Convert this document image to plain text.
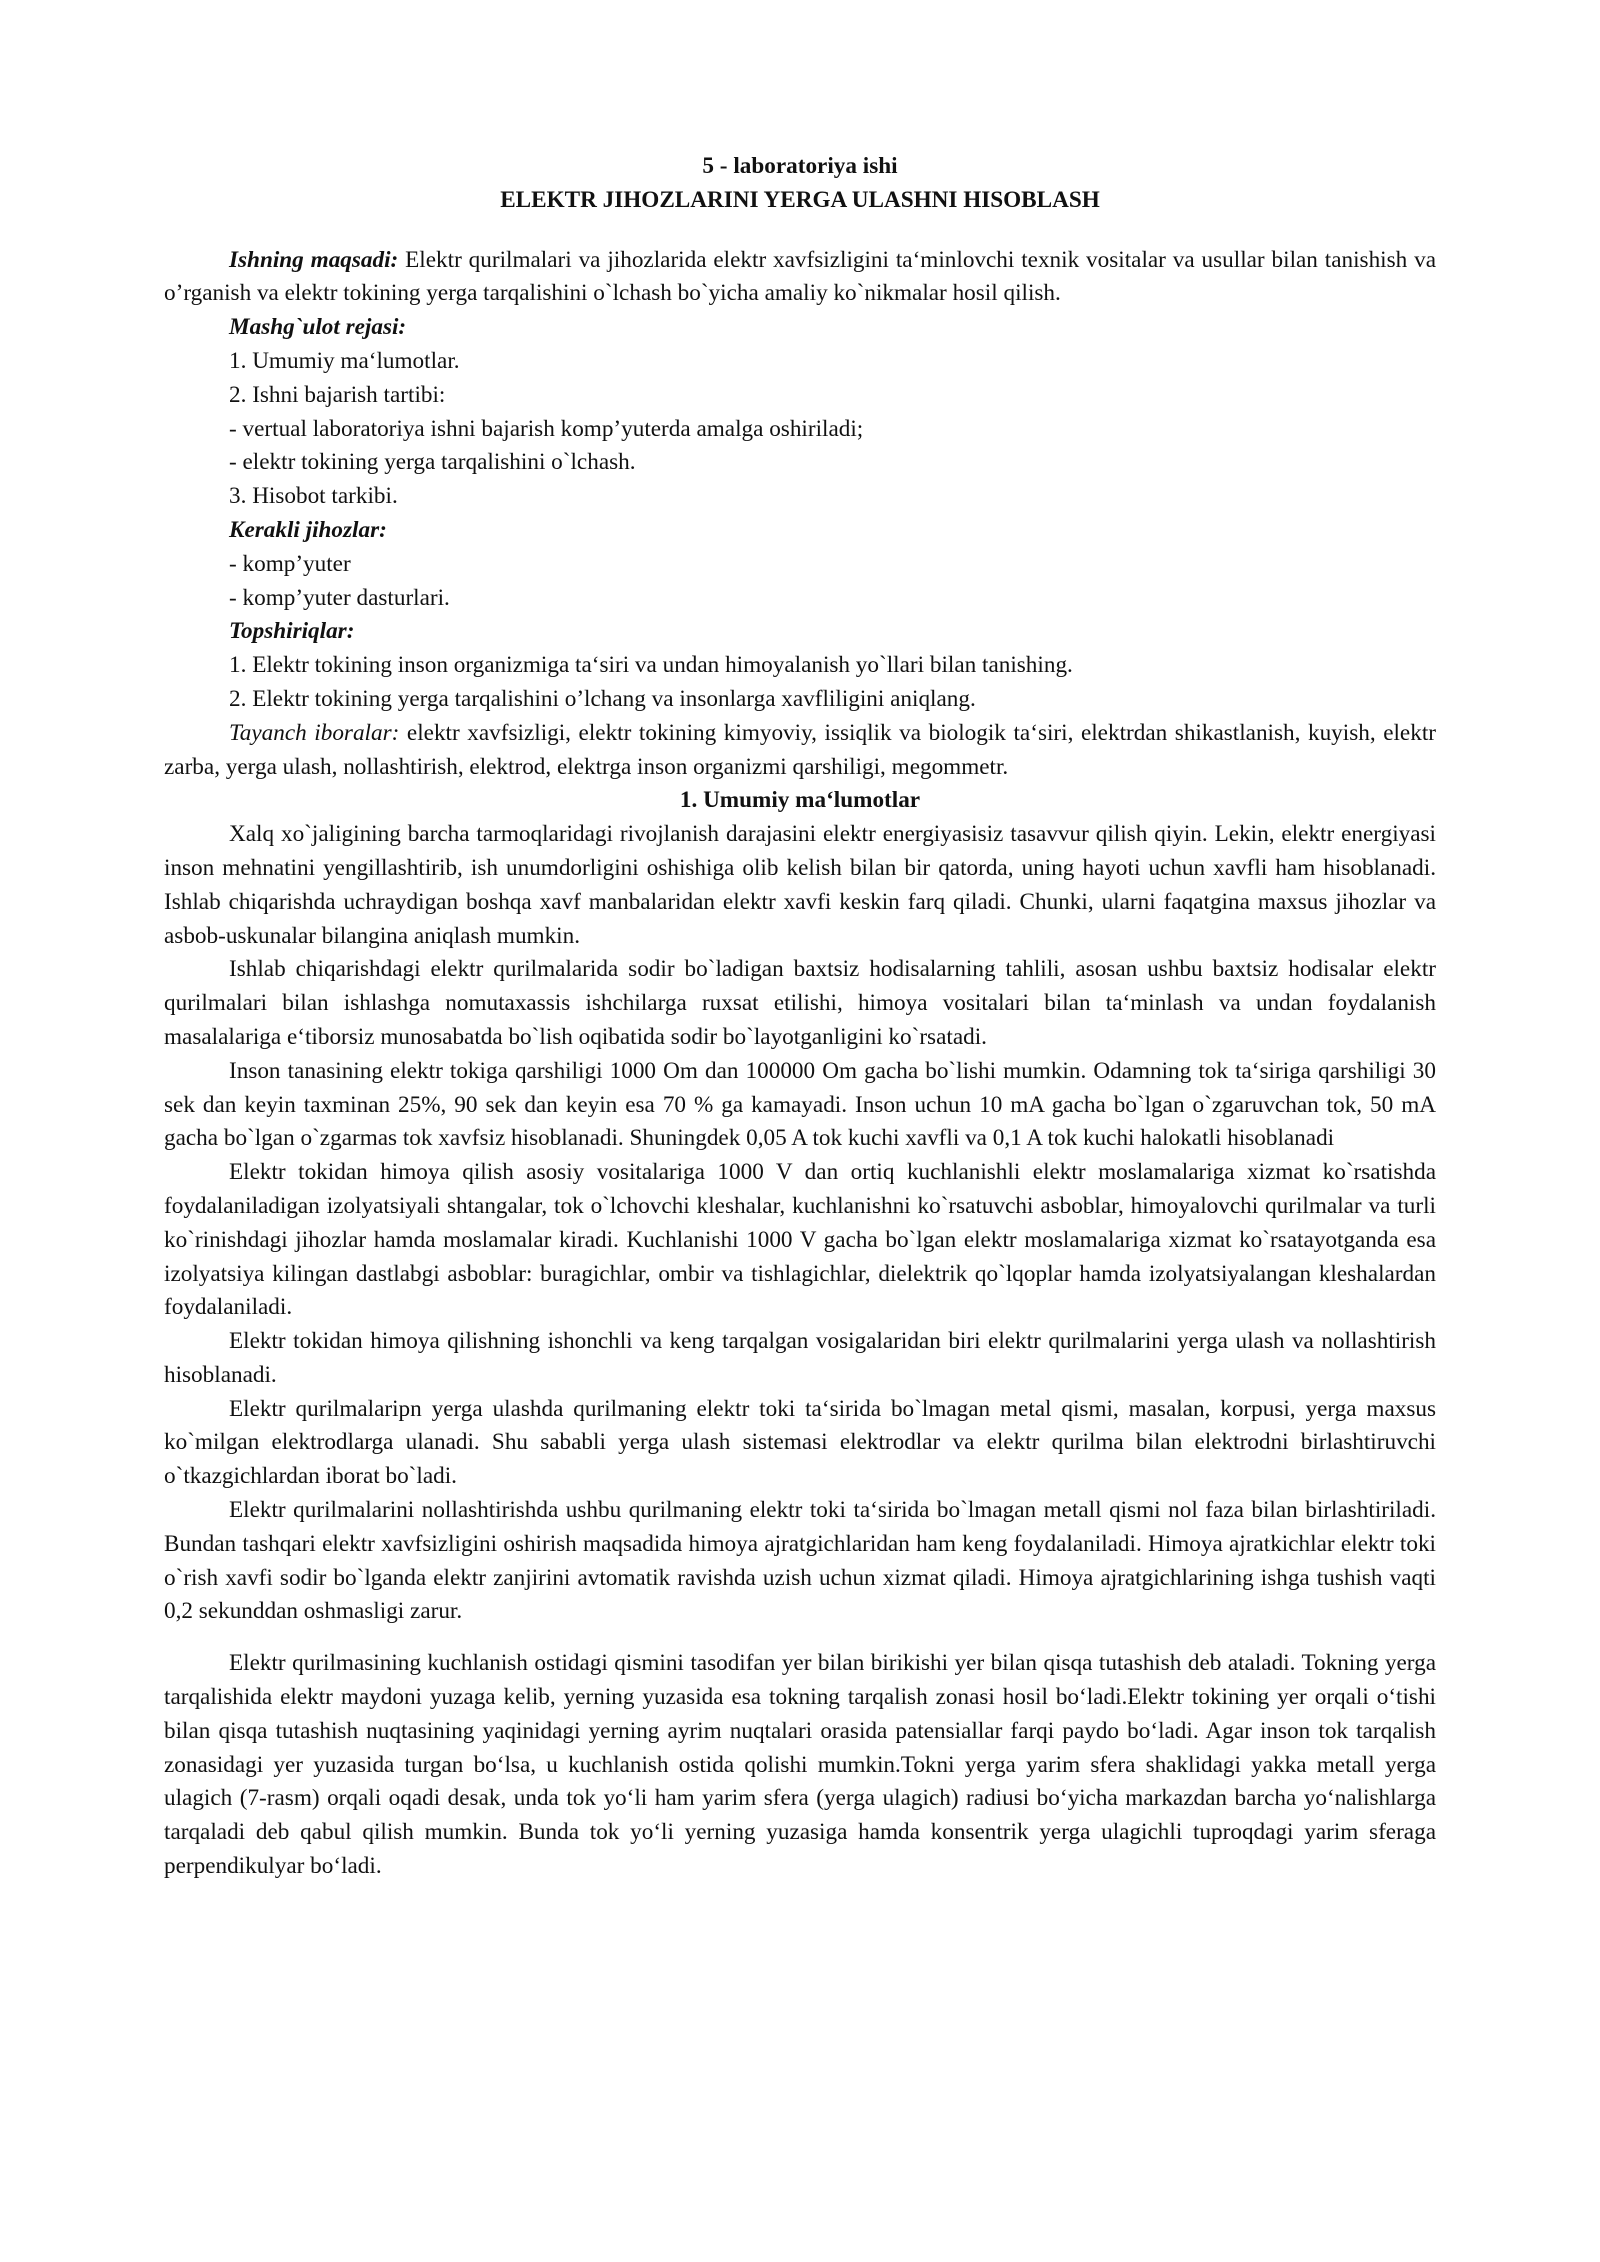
5 - laboratoriya ishi
ELEKTR JIHOZLARINI YERGA ULASHNI HISOBLASH

Ishning maqsadi: Elektr qurilmalari va jihozlarida elektr xavfsizligini ta‘minlovchi texnik vositalar va usullar bilan tanishish va o’rganish va elektr tokining yerga tarqalishini o`lchash bo`yicha amaliy ko`nikmalar hosil qilish.

Mashg`ulot rejasi:
1. Umumiy ma‘lumotlar.
2. Ishni bajarish tartibi:
- vertual laboratoriya ishni bajarish komp’yuterda amalga oshiriladi;
- elektr tokining yerga tarqalishini o`lchash.
3. Hisobot tarkibi.
Kerakli jihozlar:
- komp’yuter
- komp’yuter dasturlari.
Topshiriqlar:
1. Elektr tokining inson organizmiga ta‘siri va undan himoyalanish yo`llari bilan tanishing.
2. Elektr tokining yerga tarqalishini o’lchang va insonlarga xavfliligini aniqlang.

Tayanch iboralar: elektr xavfsizligi, elektr tokining kimyoviy, issiqlik va biologik ta‘siri, elektrdan shikastlanish, kuyish, elektr zarba, yerga ulash, nollashtirish, elektrod, elektrga inson organizmi qarshiligi, megommetr.

1. Umumiy ma‘lumotlar

Xalq xo`jaligining barcha tarmoqlaridagi rivojlanish darajasini elektr energiyasisiz tasavvur qilish qiyin. Lekin, elektr energiyasi inson mehnatini yengillashtirib, ish unumdorligini oshishiga olib kelish bilan bir qatorda, uning hayoti uchun xavfli ham hisoblanadi. Ishlab chiqarishda uchraydigan boshqa xavf manbalaridan elektr xavfi keskin farq qiladi. Chunki, ularni faqatgina maxsus jihozlar va asbob-uskunalar bilangina aniqlash mumkin.

Ishlab chiqarishdagi elektr qurilmalarida sodir bo`ladigan baxtsiz hodisalarning tahlili, asosan ushbu baxtsiz hodisalar elektr qurilmalari bilan ishlashga nomutaxassis ishchilarga ruxsat etilishi, himoya vositalari bilan ta‘minlash va undan foydalanish masalalariga e‘tiborsiz munosabatda bo`lish oqibatida sodir bo`layotganligini ko`rsatadi.

Inson tanasining elektr tokiga qarshiligi 1000 Om dan 100000 Om gacha bo`lishi mumkin. Odamning tok ta‘siriga qarshiligi 30 sek dan keyin taxminan 25%, 90 sek dan keyin esa 70 % ga kamayadi. Inson uchun 10 mA gacha bo`lgan o`zgaruvchan tok, 50 mA gacha bo`lgan o`zgarmas tok xavfsiz hisoblanadi. Shuningdek 0,05 A tok kuchi xavfli va 0,1 A tok kuchi halokatli hisoblanadi

Elektr tokidan himoya qilish asosiy vositalariga 1000 V dan ortiq kuchlanishli elektr moslamalariga xizmat ko`rsatishda foydalaniladigan izolyatsiyali shtangalar, tok o`lchovchi kleshalar, kuchlanishni ko`rsatuvchi asboblar, himoyalovchi qurilmalar va turli ko`rinishdagi jihozlar hamda moslamalar kiradi. Kuchlanishi 1000 V gacha bo`lgan elektr moslamalariga xizmat ko`rsatayotganda esa izolyatsiya kilingan dastlabgi asboblar: buragichlar, ombir va tishlagichlar, dielektrik qo`lqoplar hamda izolyatsiyalangan kleshalardan foydalaniladi.

Elektr tokidan himoya qilishning ishonchli va keng tarqalgan vosigalaridan biri elektr qurilmalarini yerga ulash va nollashtirish hisoblanadi.

Elektr qurilmalaripn yerga ulashda qurilmaning elektr toki ta‘sirida bo`lmagan metal qismi, masalan, korpusi, yerga maxsus ko`milgan elektrodlarga ulanadi. Shu sababli yerga ulash sistemasi elektrodlar va elektr qurilma bilan elektrodni birlashtiruvchi o`tkazgichlardan iborat bo`ladi.

Elektr qurilmalarini nollashtirishda ushbu qurilmaning elektr toki ta‘sirida bo`lmagan metall qismi nol faza bilan birlashtiriladi. Bundan tashqari elektr xavfsizligini oshirish maqsadida himoya ajratgichlaridan ham keng foydalaniladi. Himoya ajratkichlar elektr toki o`rish xavfi sodir bo`lganda elektr zanjirini avtomatik ravishda uzish uchun xizmat qiladi. Himoya ajratgichlarining ishga tushish vaqti 0,2 sekunddan oshmasligi zarur.

Elektr qurilmasining kuchlanish ostidagi qismini tasodifan yer bilan birikishi yer bilan qisqa tutashish deb ataladi. Tokning yerga tarqalishida elektr maydoni yuzaga kelib, yerning yuzasida esa tokning tarqalish zonasi hosil bo‘ladi.Elektr tokining yer orqali o‘tishi bilan qisqa tutashish nuqtasining yaqinidagi yerning ayrim nuqtalari orasida patensiallar farqi paydo bo‘ladi. Agar inson tok tarqalish zonasidagi yer yuzasida turgan bo‘lsa, u kuchlanish ostida qolishi mumkin.Tokni yerga yarim sfera shaklidagi yakka metall yerga ulagich (7-rasm) orqali oqadi desak, unda tok yo‘li ham yarim sfera (yerga ulagich) radiusi bo‘yicha markazdan barcha yo‘nalishlarga tarqaladi deb qabul qilish mumkin. Bunda tok yo‘li yerning yuzasiga hamda konsentrik yerga ulagichli tuproqdagi yarim sferaga perpendikulyar bo‘ladi.
